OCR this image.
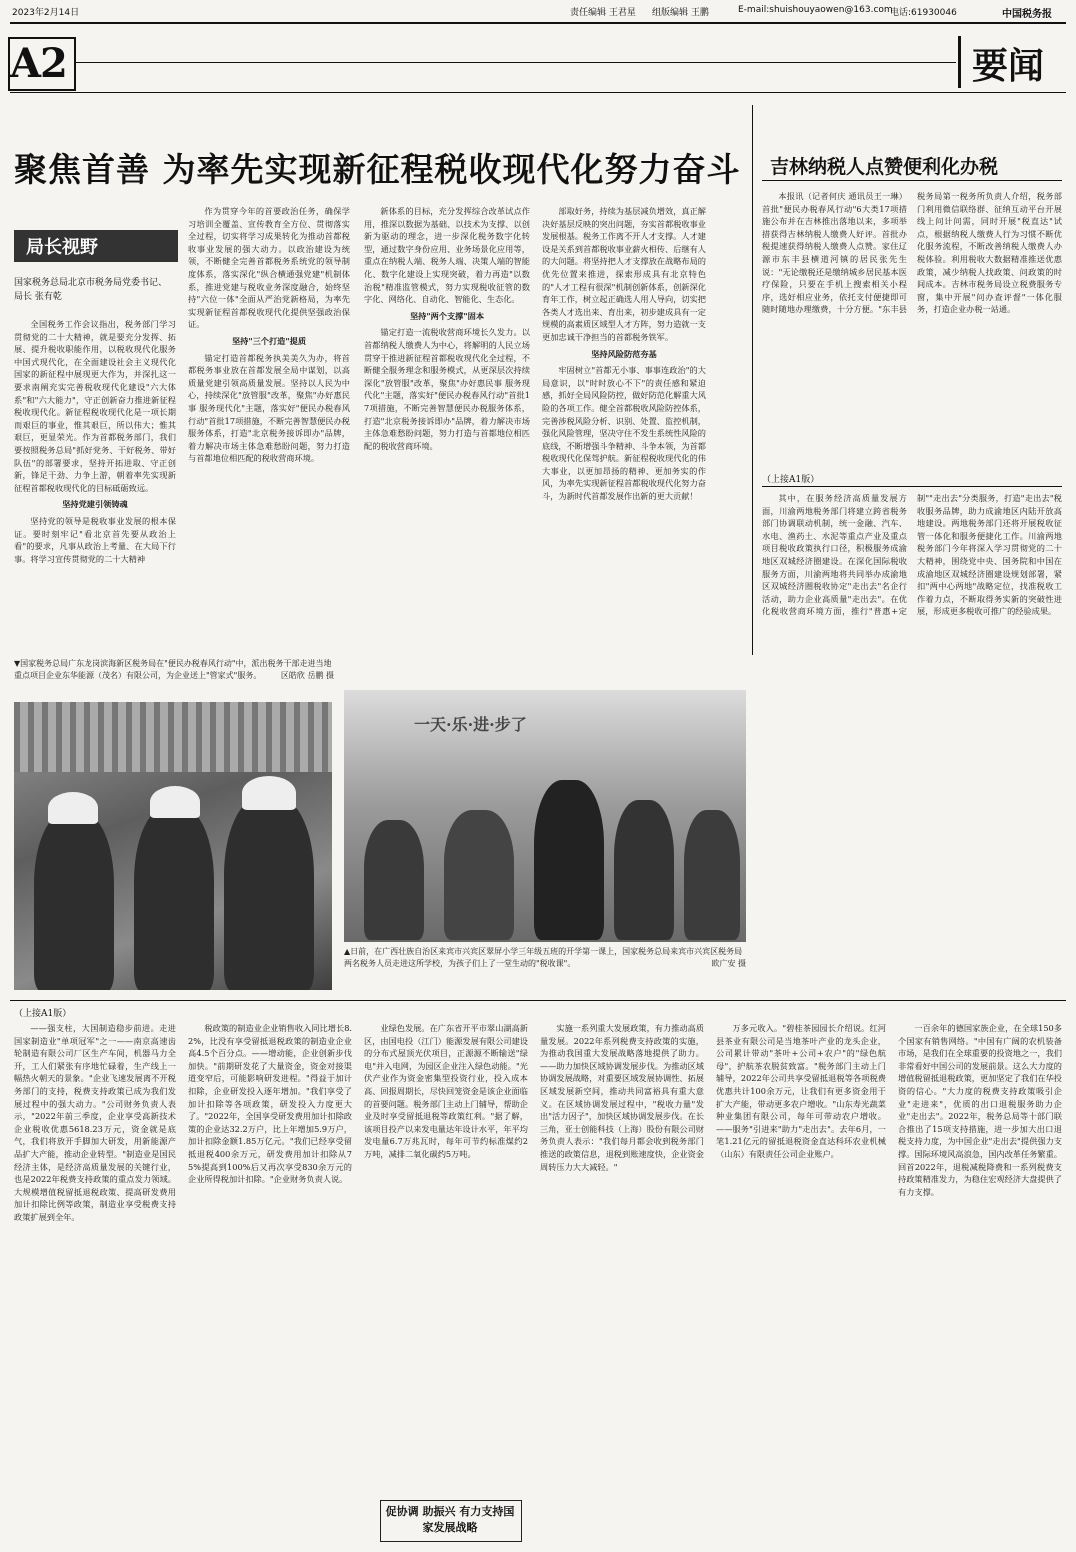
2023年2月14日	责任编辑 王君星 组版编辑 王鹏	E-mail:shuishouyaowen@163.com
电话:61930046	中国税务报
A2	要闻
聚焦首善 为率先实现新征程税收现代化努力奋斗 吉林纳税人点赞便利化办税
局长视野
国家税务总局北京市税务局党委书记、局长 张有乾

全国税务工作会议指出，税务部门学习贯彻党的二十大精神，就是要充分发挥、拓展、提升税收职能作用，以税收现代化服务中国式现代化，在全面建设社会主义现代化国家的新征程中展现更大作为，并深扎这一要求南阐充实完善税收现代化建设"六大体系"和"六大能力"，守正创新奋力推进新征程税收现代化。新征程税收现代化是一项长期而艰巨的事业，惟其艰巨，所以伟大；惟其艰巨，更显荣光。作为首都税务部门，我们要按照税务总局"抓好党务、干好税务、带好队伍"的部署要求，坚持开拓进取、守正创新，锋足干劲、力争上游，朝着率先实现新征程首都税收现代化的目标砥砺致远。

坚持党建引领铸魂

坚持党的领导是税收事业发展的根本保证。要时刻牢记"看北京首先要从政治上看"的要求，凡事从政治上考量、在大局下行事。将学习宣传贯彻党的二十大精神

作为贯穿今年的首要政治任务，确保学习培训全覆盖、宣传教育全方位、贯彻落实全过程，切实将学习成果转化为推动首都税收事业发展的强大动力。以政治建设为统领，不断健全完善首都税务系统党的领导制度体系，落实深化"纵合横通强党建"机制体系，推进党建与税收业务深度融合，始终坚持"六位一体"全面从严治党新格局，为率先实现新征程首都税收现代化提供坚强政治保证。

坚持"三个打造"提质

锚定打造首都税务执美美久为办，将首都税务事业放在首都发展全局中谋划，以高质量党建引领高质量发展。坚持以人民为中心，持续深化"放管服"改革，聚焦"办好惠民事 服务现代化"主题，落实好"便民办税春风行动"首批17项措施，不断完善智慧便民办税服务体系，打造"北京税务接诉即办"品牌，着力解决市场主体急难愁盼问题，努力打造与首都地位相匹配的税收营商环境。

新体系的目标，充分发挥综合改革试点作用，推深以数据为基础、以技术为支撑、以创新为驱动的理念，进一步深化税务数字化转型，通过数字身份应用、业务场景化应用等，重点在纳税人端、税务人端、决策人端的智能化、数字化建设上实现突破，着力再造"以数治税"精准监管模式，努力实现税收征管的数字化、网络化、自动化、智能化、生态化。

坚持"两个支撑"固本

锚定打造一流税收营商环境长久发力。以首都纳税人缴费人为中心，将解明的人民立场贯穿于推进新征程首都税收现代化全过程，不断健全服务理念和服务模式，从更深层次持续深化"放管服"改革，聚焦"办好惠民事 服务现代化"主题，落实好"便民办税春风行动"首批17项措施，不断完善智慧便民办税服务体系，打造"北京税务接诉即办"品牌，着力解决市场主体急难愁盼问题，努力打造与首都地位相匹配的税收营商环境。

部取好务，持续为基层减负增效，真正解决好基层反映的突出问题，夯实首都税收事业发展根基。税务工作离不开人才支撑。人才建设是关系到首都税收事业薪火相传、后继有人的大问题。将坚持把人才支撑放在战略布局的优先位置来推进，探索形成具有北京特色的"人才工程有很深"机制创新体系，创新深化育年工作，树立起正确选人用人导向，切实把各类人才选出来、育出来，初步建成具有一定规模的高素质区域型人才方阵，努力造就一支更加忠诚干净担当的首都税务铁军。

坚持风险防范夯基

牢固树立"首都无小事、事事连政治"的大局意识，以"时时放心不下"的责任感和紧迫感，抓好全局风险防控，做好防范化解重大风险的各项工作。健全首都税收风险防控体系，完善涉税风险分析、识别、处置、监控机制，强化风险管理，坚决守住不发生系统性风险的底线，不断增强斗争精神、斗争本领，为首都税收现代化保驾护航。新征程税收现代化的伟大事业，以更加昂扬的精神、更加务实的作风，为率先实现新征程首都税收现代化努力奋斗，为新时代首都发展作出新的更大贡献！

本报讯（记者何庆 通讯员王一琳）首批"便民办税春风行动"6大类17项措施公布并在吉林推出落地以来，多项举措获得吉林纳税人缴费人好评。首批办税提速获得纳税人缴费人点赞。家住辽源市东丰县横道河镇的居民张先生说："无论缴税还是缴纳城乡居民基本医疗保险，只要在手机上搜索相关小程序，选好相应业务，依托支付便捷即可随时随地办理缴费，十分方便。"东丰县税务局第一税务所负责人介绍，税务部门利用微信联络群、征纳互动平台开展线上问计问需，同时开展"税直达"试点，根据纳税人缴费人行为习惯不断优化服务流程，不断改善纳税人缴费人办税体验。利用税收大数据精准推送优惠政策，减少纳税人找政策、问政策的时间成本。吉林市税务局设立税费服务专窗，集中开展"问办查评督"一体化服务，打造企业办税一站通。

（上接A1版）

其中，在服务经济高质量发展方面，川渝两地税务部门将建立跨省税务部门协调联动机制，统一金融、汽车、水电、渔药土、水泥等重点产业及重点项目税收政策执行口径，积极服务成渝地区双城经济圈建设。在深化国际税收服务方面，川渝两地将共同举办成渝地区双城经济圈税收协定"走出去"名企行活动，助力企业高质量"走出去"。在优化税收营商环境方面，推行"普惠+定制""走出去"分类服务，打造"走出去"税收服务品牌，助力成渝地区内陆开放高地建设。两地税务部门还将开展税收征管一体化和服务便捷化工作。川渝两地税务部门今年将深入学习贯彻党的二十大精神，围绕党中央、国务院和中国在成渝地区双城经济圈建设规划部署，紧扣"两中心两地"战略定位，找准税收工作着力点，不断取得务实新的突破性进展，形成更多税收可推广的经验成果。

▼国家税务总局广东龙岗滨海新区税务局在"便民办税春风行动"中，派出税务干部走进当地重点项目企业东华能源（茂名）有限公司，为企业送上"管家式"服务。 区皓欣 岳鹏 摄
一天·乐·进·步了
▲日前，在广西壮族自治区来宾市兴宾区翠屏小学三年级五班的开学第一课上，国家税务总局来宾市兴宾区税务局两名税务人员走进这所学校，为孩子们上了一堂生动的"税收课"。	欧广安 摄
（上接A1版）

——强支柱，大国制造稳步前进。走进国家制造业"单项冠军"之一——南京高速齿轮制造有限公司厂区生产车间，机器马力全开，工人们紧张有序地忙碌着，生产线上一幅热火朝天的景象。"企业飞速发展离不开税务部门的支持，税费支持政策已成为我们发展过程中的强大动力。"公司财务负责人表示，"2022年前三季度，企业享受高新技术企业税收优惠5618.23万元，资金就是底气，我们将放开手脚加大研发，用新能源产品扩大产能，推动企业转型。"制造业是国民经济主体，是经济高质量发展的关键行业，也是2022年税费支持政策的重点发力领域。大规模增值税留抵退税政策、提高研发费用加计扣除比例等政策，制造业享受税费支持政策扩展到全年。

税政策的制造业企业销售收入同比增长8.2%，比没有享受留抵退税政策的制造业企业高4.5个百分点。——增动能，企业创新步伐加快。"前期研发花了大量资金，资金对接渠道变窄后，可能影响研发进程。"得益于加计扣除，企业研发投入逐年增加。"我们享受了加计扣除等各项政策，研发投入力度更大了。"2022年，全国享受研发费用加计扣除政策的企业达32.2万户，比上年增加5.9万户，加计扣除金额1.85万亿元。"我们已经享受留抵退税400余万元，研发费用加计扣除从75%提高到100%后又再次享受830余万元的企业所得税加计扣除。"企业财务负责人说。

业绿色发展。在广东省开平市翠山湖高新区，由国电投（江门）能源发展有限公司建设的分布式屋顶光伏项目，正源源不断输送"绿电"并入电网，为园区企业注入绿色动能。"光伏产业作为资金密集型投资行业，投入成本高、回报周期长，尽快回笼资金是该企业面临的首要问题。税务部门主动上门辅导，帮助企业及时享受留抵退税等政策红利。"据了解，该项目投产以来发电量达年设计水平，年平均发电量6.7万兆瓦时，每年可节约标准煤约2万吨，减排二氧化碳约5万吨。

实施一系列重大发展政策，有力推动高质量发展。2022年系列税费支持政策的实施，为推动我国重大发展战略落地提供了助力。——助力加快区域协调发展步伐。为推动区域协调发展战略，对重要区域发展协调性、拓展区域发展新空间，推动共同富裕具有重大意义。在区域协调发展过程中，"税收力量"发出"活力因子"，加快区域协调发展步伐。在长三角，亚士创能科技（上海）股份有限公司财务负责人表示："我们每月都会收到税务部门推送的政策信息，退税到账速度快，企业资金周转压力大大减轻。"

促协调 助振兴 有力支持国家发展战略

万多元收入。"碧桂茶园园长介绍说。红河县茶业有限公司是当地茶叶产业的龙头企业，公司累计带动"茶叶+公司+农户"的"绿色航母"，护航茶农脱贫致富。"税务部门主动上门辅导，2022年公司共享受留抵退税等各项税费优惠共计100余万元，让我们有更多资金用于扩大产能，带动更多农户增收。"山东寿光蔬菜种业集团有限公司，每年可带动农户增收。——服务"引进来"助力"走出去"。去年6月，一笔1.21亿元的留抵退税资金直达科环农业机械（山东）有限责任公司企业账户。

一百余年的德国家族企业，在全球150多个国家有销售网络。"中国有广阔的农机装备市场，是我们在全球重要的投资地之一，我们非常看好中国公司的发展前景。这么大力度的增值税留抵退税政策，更加坚定了我们在华投资的信心。"大力度的税费支持政策吸引企业"走进来"，优质的出口退税服务助力企业"走出去"。2022年，税务总局等十部门联合推出了15项支持措施，进一步加大出口退税支持力度，为中国企业"走出去"提供强力支撑。国际环境风高浪急，国内改革任务繁重。回首2022年，退税减税降费和一系列税费支持政策精准发力，为稳住宏观经济大盘提供了有力支撑。
